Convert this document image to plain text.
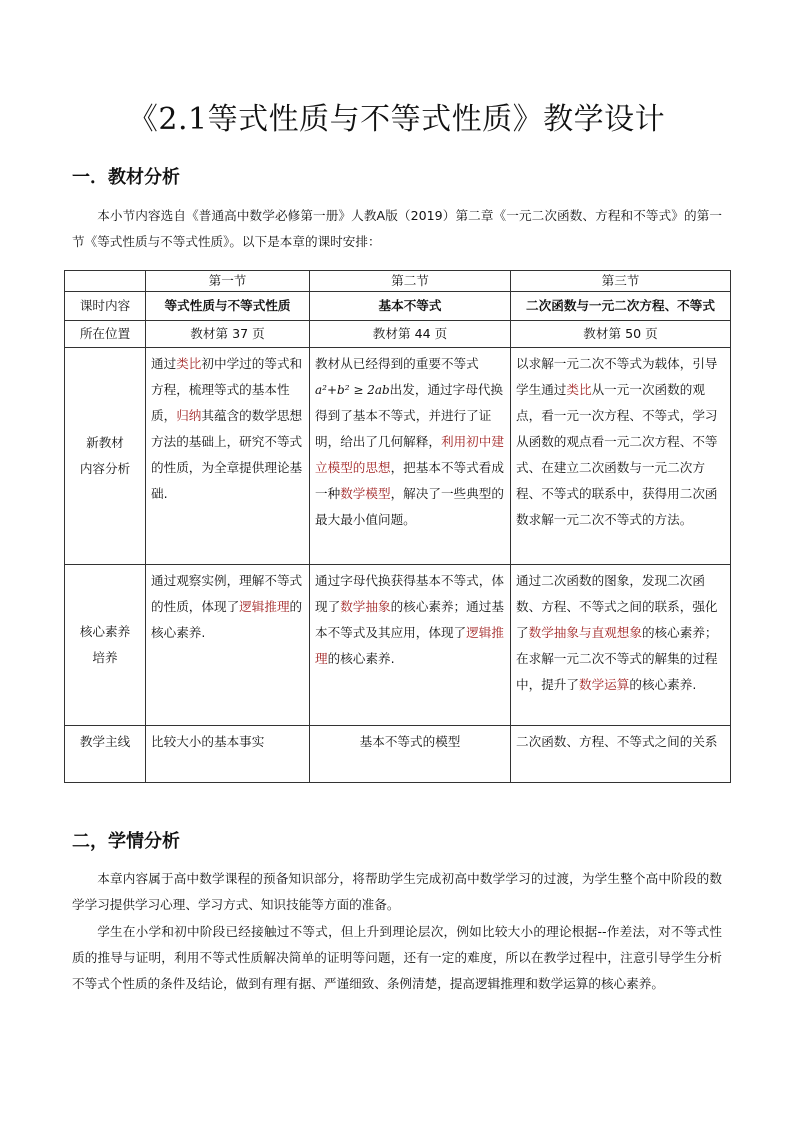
《2.1等式性质与不等式性质》教学设计
一．教材分析

本小节内容选自《普通高中数学必修第一册》人教A版（2019）第二章《一元二次函数、方程和不等式》的第一节《等式性质与不等式性质》。以下是本章的课时安排：

	第一节	第二节	第三节
课时内容	等式性质与不等式性质	基本不等式	二次函数与一元二次方程、不等式
所在位置	教材第 37 页	教材第 44 页	教材第 50 页
新教材
内容分析	通过类比初中学过的等式和方程，梳理等式的基本性质，归纳其蕴含的数学思想方法的基础上，研究不等式的性质，为全章提供理论基础.	教材从已经得到的重要不等式
a²+b² ≥ 2ab出发，通过字母代换得到了基本不等式，并进行了证明，给出了几何解释，利用初中建立模型的思想，把基本不等式看成一种数学模型，解决了一些典型的最大最小值问题。	以求解一元二次不等式为载体，引导学生通过类比从一元一次函数的观点，看一元一次方程、不等式，学习从函数的观点看一元二次方程、不等式、在建立二次函数与一元二次方程、不等式的联系中，获得用二次函数求解一元二次不等式的方法。
核心素养
培养	通过观察实例，理解不等式的性质，体现了逻辑推理的核心素养.	通过字母代换获得基本不等式，体现了数学抽象的核心素养；通过基本不等式及其应用，体现了逻辑推理的核心素养.	通过二次函数的图象，发现二次函数、方程、不等式之间的联系，强化了数学抽象与直观想象的核心素养；在求解一元二次不等式的解集的过程中，提升了数学运算的核心素养.
教学主线	比较大小的基本事实	基本不等式的模型	二次函数、方程、不等式之间的关系
二，学情分析

本章内容属于高中数学课程的预备知识部分，将帮助学生完成初高中数学学习的过渡，为学生整个高中阶段的数学学习提供学习心理、学习方式、知识技能等方面的准备。

学生在小学和初中阶段已经接触过不等式，但上升到理论层次，例如比较大小的理论根据--作差法，对不等式性质的推导与证明，利用不等式性质解决简单的证明等问题，还有一定的难度，所以在教学过程中，注意引导学生分析不等式个性质的条件及结论，做到有理有据、严谨细致、条例清楚，提高逻辑推理和数学运算的核心素养。
